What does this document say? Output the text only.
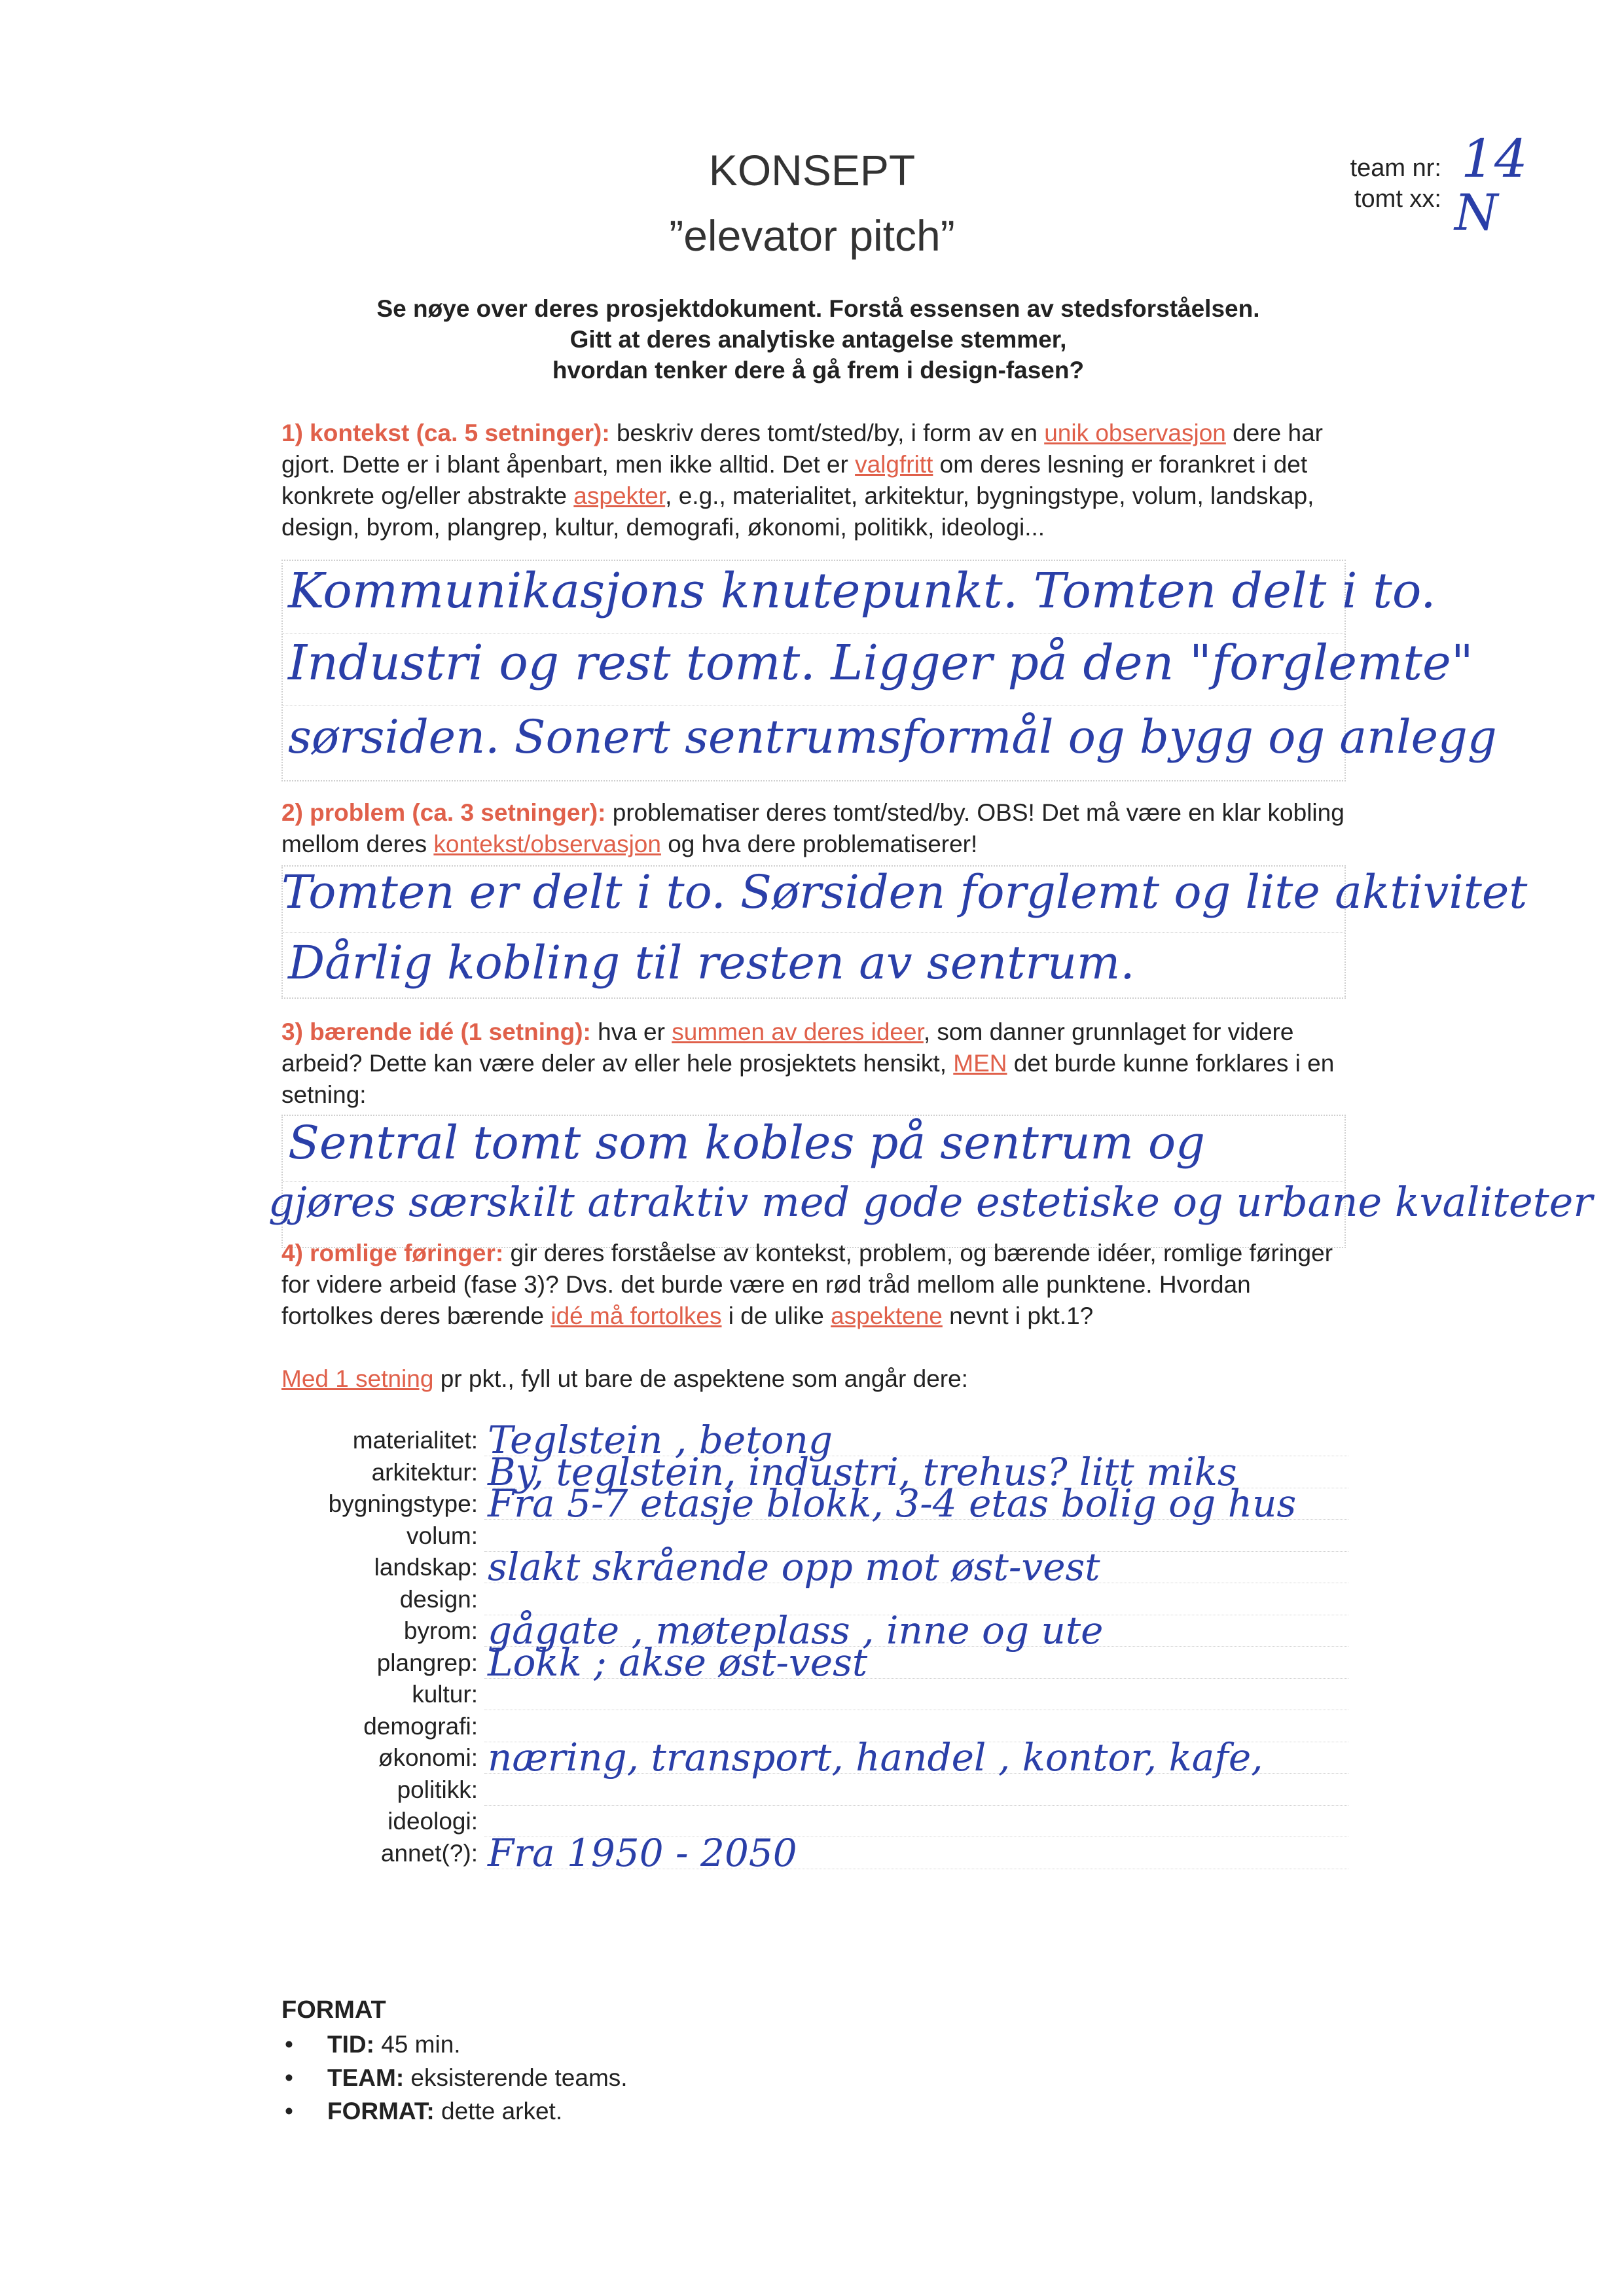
KONSEPT
”elevator pitch”
team nr:
tomt xx:
14
N
Se nøye over deres prosjektdokument. Forstå essensen av stedsforståelsen.
Gitt at deres analytiske antagelse stemmer,
hvordan tenker dere å gå frem i design-fasen?
1) kontekst (ca. 5 setninger): beskriv deres tomt/sted/by, i form av en unik observasjon dere har gjort. Dette er i blant åpenbart, men ikke alltid. Det er valgfritt om deres lesning er forankret i det konkrete og/eller abstrakte aspekter, e.g., materialitet, arkitektur, bygningstype, volum, landskap, design, byrom, plangrep, kultur, demografi, økonomi, politikk, ideologi...
Kommunikasjons knutepunkt. Tomten delt i to.
Industri og rest tomt. Ligger på den "forglemte"
sørsiden. Sonert sentrumsformål og bygg og anlegg
2) problem (ca. 3 setninger): problematiser deres tomt/sted/by. OBS! Det må være en klar kobling mellom deres kontekst/observasjon og hva dere problematiserer!
Tomten er delt i to. Sørsiden forglemt og lite aktivitet
Dårlig kobling til resten av sentrum.
3) bærende idé (1 setning): hva er summen av deres ideer, som danner grunnlaget for videre arbeid? Dette kan være deler av eller hele prosjektets hensikt, MEN det burde kunne forklares i en setning:
Sentral tomt som kobles på sentrum og
gjøres særskilt atraktiv med gode estetiske og urbane kvaliteter
4) romlige føringer: gir deres forståelse av kontekst, problem, og bærende idéer, romlige føringer for videre arbeid (fase 3)? Dvs. det burde være en rød tråd mellom alle punktene. Hvordan fortolkes deres bærende idé må fortolkes i de ulike aspektene nevnt i pkt.1?
Med 1 setning pr pkt., fyll ut bare de aspektene som angår dere:
materialitet: Teglstein , betong
arkitektur: By, teglstein, industri, trehus? litt miks
bygningstype: Fra 5-7 etasje blokk, 3-4 etas bolig og hus
volum:
landskap: slakt skrående opp mot øst-vest
design:
byrom: gågate , møteplass , inne og ute
plangrep: Lokk ; akse øst-vest
kultur:
demografi:
økonomi: næring, transport, handel , kontor, kafe,
politikk:
ideologi:
annet(?): Fra 1950 - 2050
FORMAT
• TID: 45 min.
• TEAM: eksisterende teams.
• FORMAT: dette arket.
